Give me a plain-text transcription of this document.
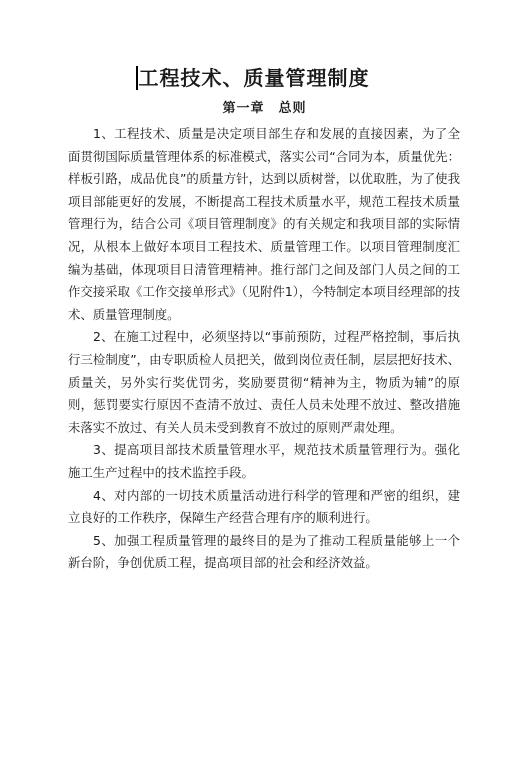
工程技术、质量管理制度
第一章　总则

1、工程技术、质量是决定项目部生存和发展的直接因素，为了全面贯彻国际质量管理体系的标准模式，落实公司“合同为本，质量优先：样板引路，成品优良”的质量方针，达到以质树誉，以优取胜，为了使我项目部能更好的发展，不断提高工程技术质量水平，规范工程技术质量管理行为，结合公司《项目管理制度》的有关规定和我项目部的实际情况，从根本上做好本项目工程技术、质量管理工作。以项目管理制度汇编为基础，体现项目日清管理精神。推行部门之间及部门人员之间的工作交接采取《工作交接单形式》（见附件1），今特制定本项目经理部的技术、质量管理制度。

2、在施工过程中，必须坚持以“事前预防，过程严格控制，事后执行三检制度”，由专职质检人员把关，做到岗位责任制，层层把好技术、质量关，另外实行奖优罚劣，奖励要贯彻“精神为主，物质为辅”的原则，惩罚要实行原因不查清不放过、责任人员未处理不放过、整改措施未落实不放过、有关人员未受到教育不放过的原则严肃处理。

3、提高项目部技术质量管理水平，规范技术质量管理行为。强化施工生产过程中的技术监控手段。

4、对内部的一切技术质量活动进行科学的管理和严密的组织，建立良好的工作秩序，保障生产经营合理有序的顺利进行。

5、加强工程质量管理的最终目的是为了推动工程质量能够上一个新台阶，争创优质工程，提高项目部的社会和经济效益。
